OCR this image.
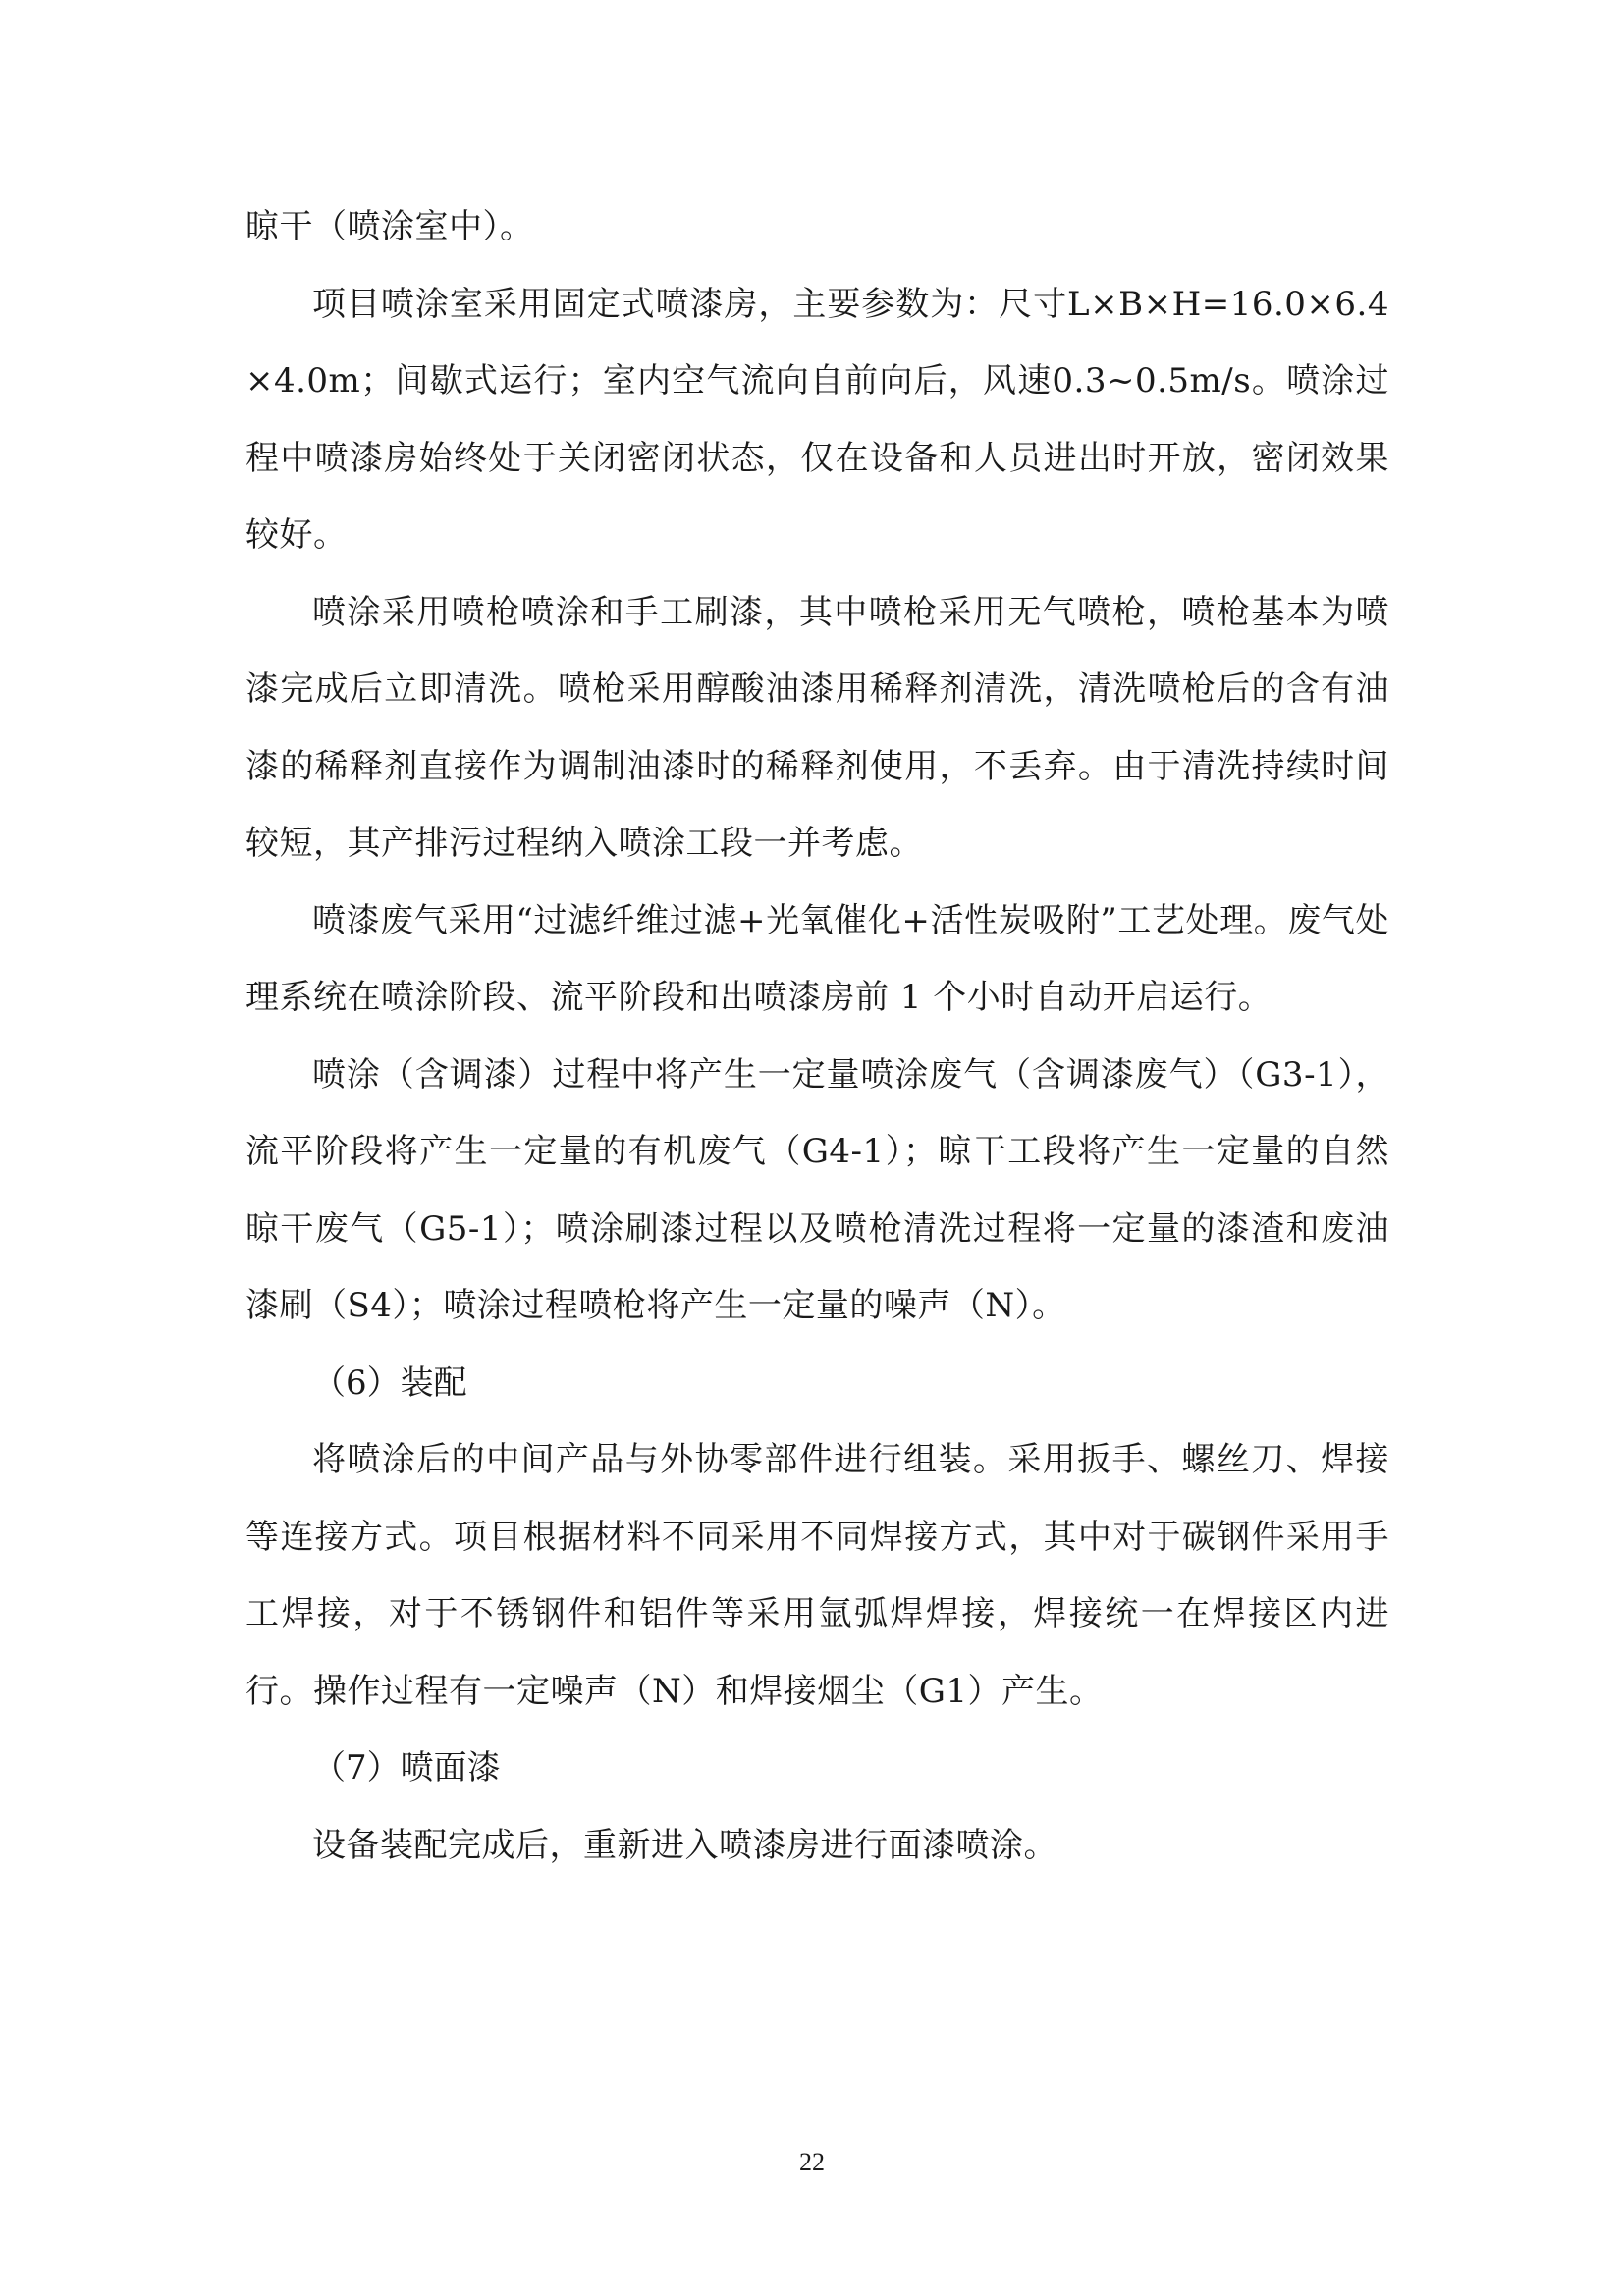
晾干（喷涂室中）。

项目喷涂室采用固定式喷漆房，主要参数为：尺寸L×B×H=16.0×6.4×4.0m；间歇式运行；室内空气流向自前向后，风速0.3~0.5m/s。喷涂过程中喷漆房始终处于关闭密闭状态，仅在设备和人员进出时开放，密闭效果较好。

喷涂采用喷枪喷涂和手工刷漆，其中喷枪采用无气喷枪，喷枪基本为喷漆完成后立即清洗。喷枪采用醇酸油漆用稀释剂清洗，清洗喷枪后的含有油漆的稀释剂直接作为调制油漆时的稀释剂使用，不丢弃。由于清洗持续时间较短，其产排污过程纳入喷涂工段一并考虑。

喷漆废气采用“过滤纤维过滤+光氧催化+活性炭吸附”工艺处理。废气处理系统在喷涂阶段、流平阶段和出喷漆房前 1 个小时自动开启运行。

喷涂（含调漆）过程中将产生一定量喷涂废气（含调漆废气）（G3-1），流平阶段将产生一定量的有机废气（G4-1）；晾干工段将产生一定量的自然晾干废气（G5-1）；喷涂刷漆过程以及喷枪清洗过程将一定量的漆渣和废油漆刷（S4）；喷涂过程喷枪将产生一定量的噪声（N）。

（6）装配

将喷涂后的中间产品与外协零部件进行组装。采用扳手、螺丝刀、焊接等连接方式。项目根据材料不同采用不同焊接方式，其中对于碳钢件采用手工焊接，对于不锈钢件和铝件等采用氩弧焊焊接，焊接统一在焊接区内进行。操作过程有一定噪声（N）和焊接烟尘（G1）产生。

（7）喷面漆

设备装配完成后，重新进入喷漆房进行面漆喷涂。

22
